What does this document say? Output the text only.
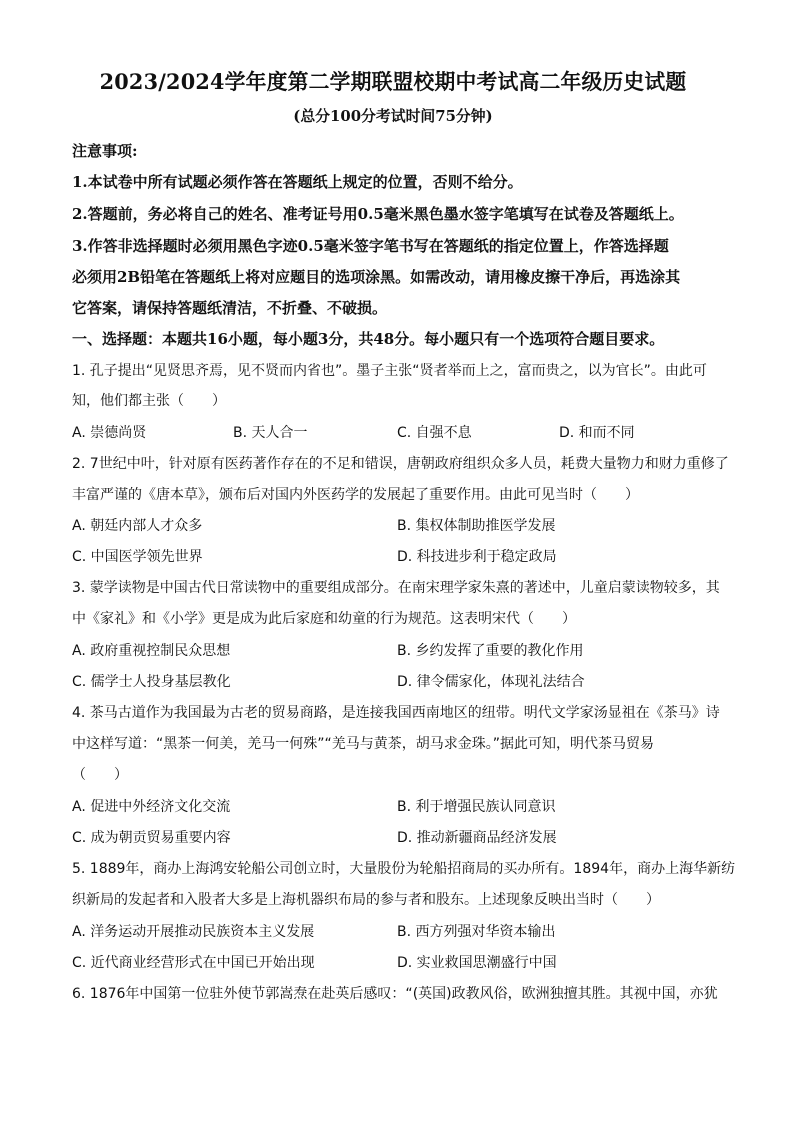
2023/2024学年度第二学期联盟校期中考试高二年级历史试题
(总分100分考试时间75分钟)
注意事项:
1.本试卷中所有试题必须作答在答题纸上规定的位置，否则不给分。
2.答题前，务必将自己的姓名、准考证号用0.5毫米黑色墨水签字笔填写在试卷及答题纸上。
3.作答非选择题时必须用黑色字迹0.5毫米签字笔书写在答题纸的指定位置上，作答选择题
必须用2B铅笔在答题纸上将对应题目的选项涂黑。如需改动，请用橡皮擦干净后，再选涂其
它答案，请保持答题纸清洁，不折叠、不破损。
一、选择题：本题共16小题，每小题3分，共48分。每小题只有一个选项符合题目要求。
1. 孔子提出“见贤思齐焉，见不贤而内省也”。墨子主张“贤者举而上之，富而贵之，以为官长”。由此可
知，他们都主张（　　）
A. 崇德尚贤	B. 天人合一	C. 自强不息	D. 和而不同
2. 7世纪中叶，针对原有医药著作存在的不足和错误，唐朝政府组织众多人员，耗费大量物力和财力重修了
丰富严谨的《唐本草》，颁布后对国内外医药学的发展起了重要作用。由此可见当时（　　）
A. 朝廷内部人才众多	B. 集权体制助推医学发展
C. 中国医学领先世界	D. 科技进步利于稳定政局
3. 蒙学读物是中国古代日常读物中的重要组成部分。在南宋理学家朱熹的著述中，儿童启蒙读物较多，其
中《家礼》和《小学》更是成为此后家庭和幼童的行为规范。这表明宋代（　　）
A. 政府重视控制民众思想	B. 乡约发挥了重要的教化作用
C. 儒学士人投身基层教化	D. 律令儒家化，体现礼法结合
4. 茶马古道作为我国最为古老的贸易商路，是连接我国西南地区的纽带。明代文学家汤显祖在《茶马》诗
中这样写道：“黑茶一何美，羌马一何殊”“羌马与黄茶，胡马求金珠。”据此可知，明代茶马贸易
（　　）
A. 促进中外经济文化交流	B. 利于增强民族认同意识
C. 成为朝贡贸易重要内容	D. 推动新疆商品经济发展
5. 1889年，商办上海鸿安轮船公司创立时，大量股份为轮船招商局的买办所有。1894年，商办上海华新纺
织新局的发起者和入股者大多是上海机器织布局的参与者和股东。上述现象反映出当时（　　）
A. 洋务运动开展推动民族资本主义发展	B. 西方列强对华资本输出
C. 近代商业经营形式在中国已开始出现	D. 实业救国思潮盛行中国
6. 1876年中国第一位驻外使节郭嵩焘在赴英后感叹：“(英国)政教风俗，欧洲独擅其胜。其视中国，亦犹
